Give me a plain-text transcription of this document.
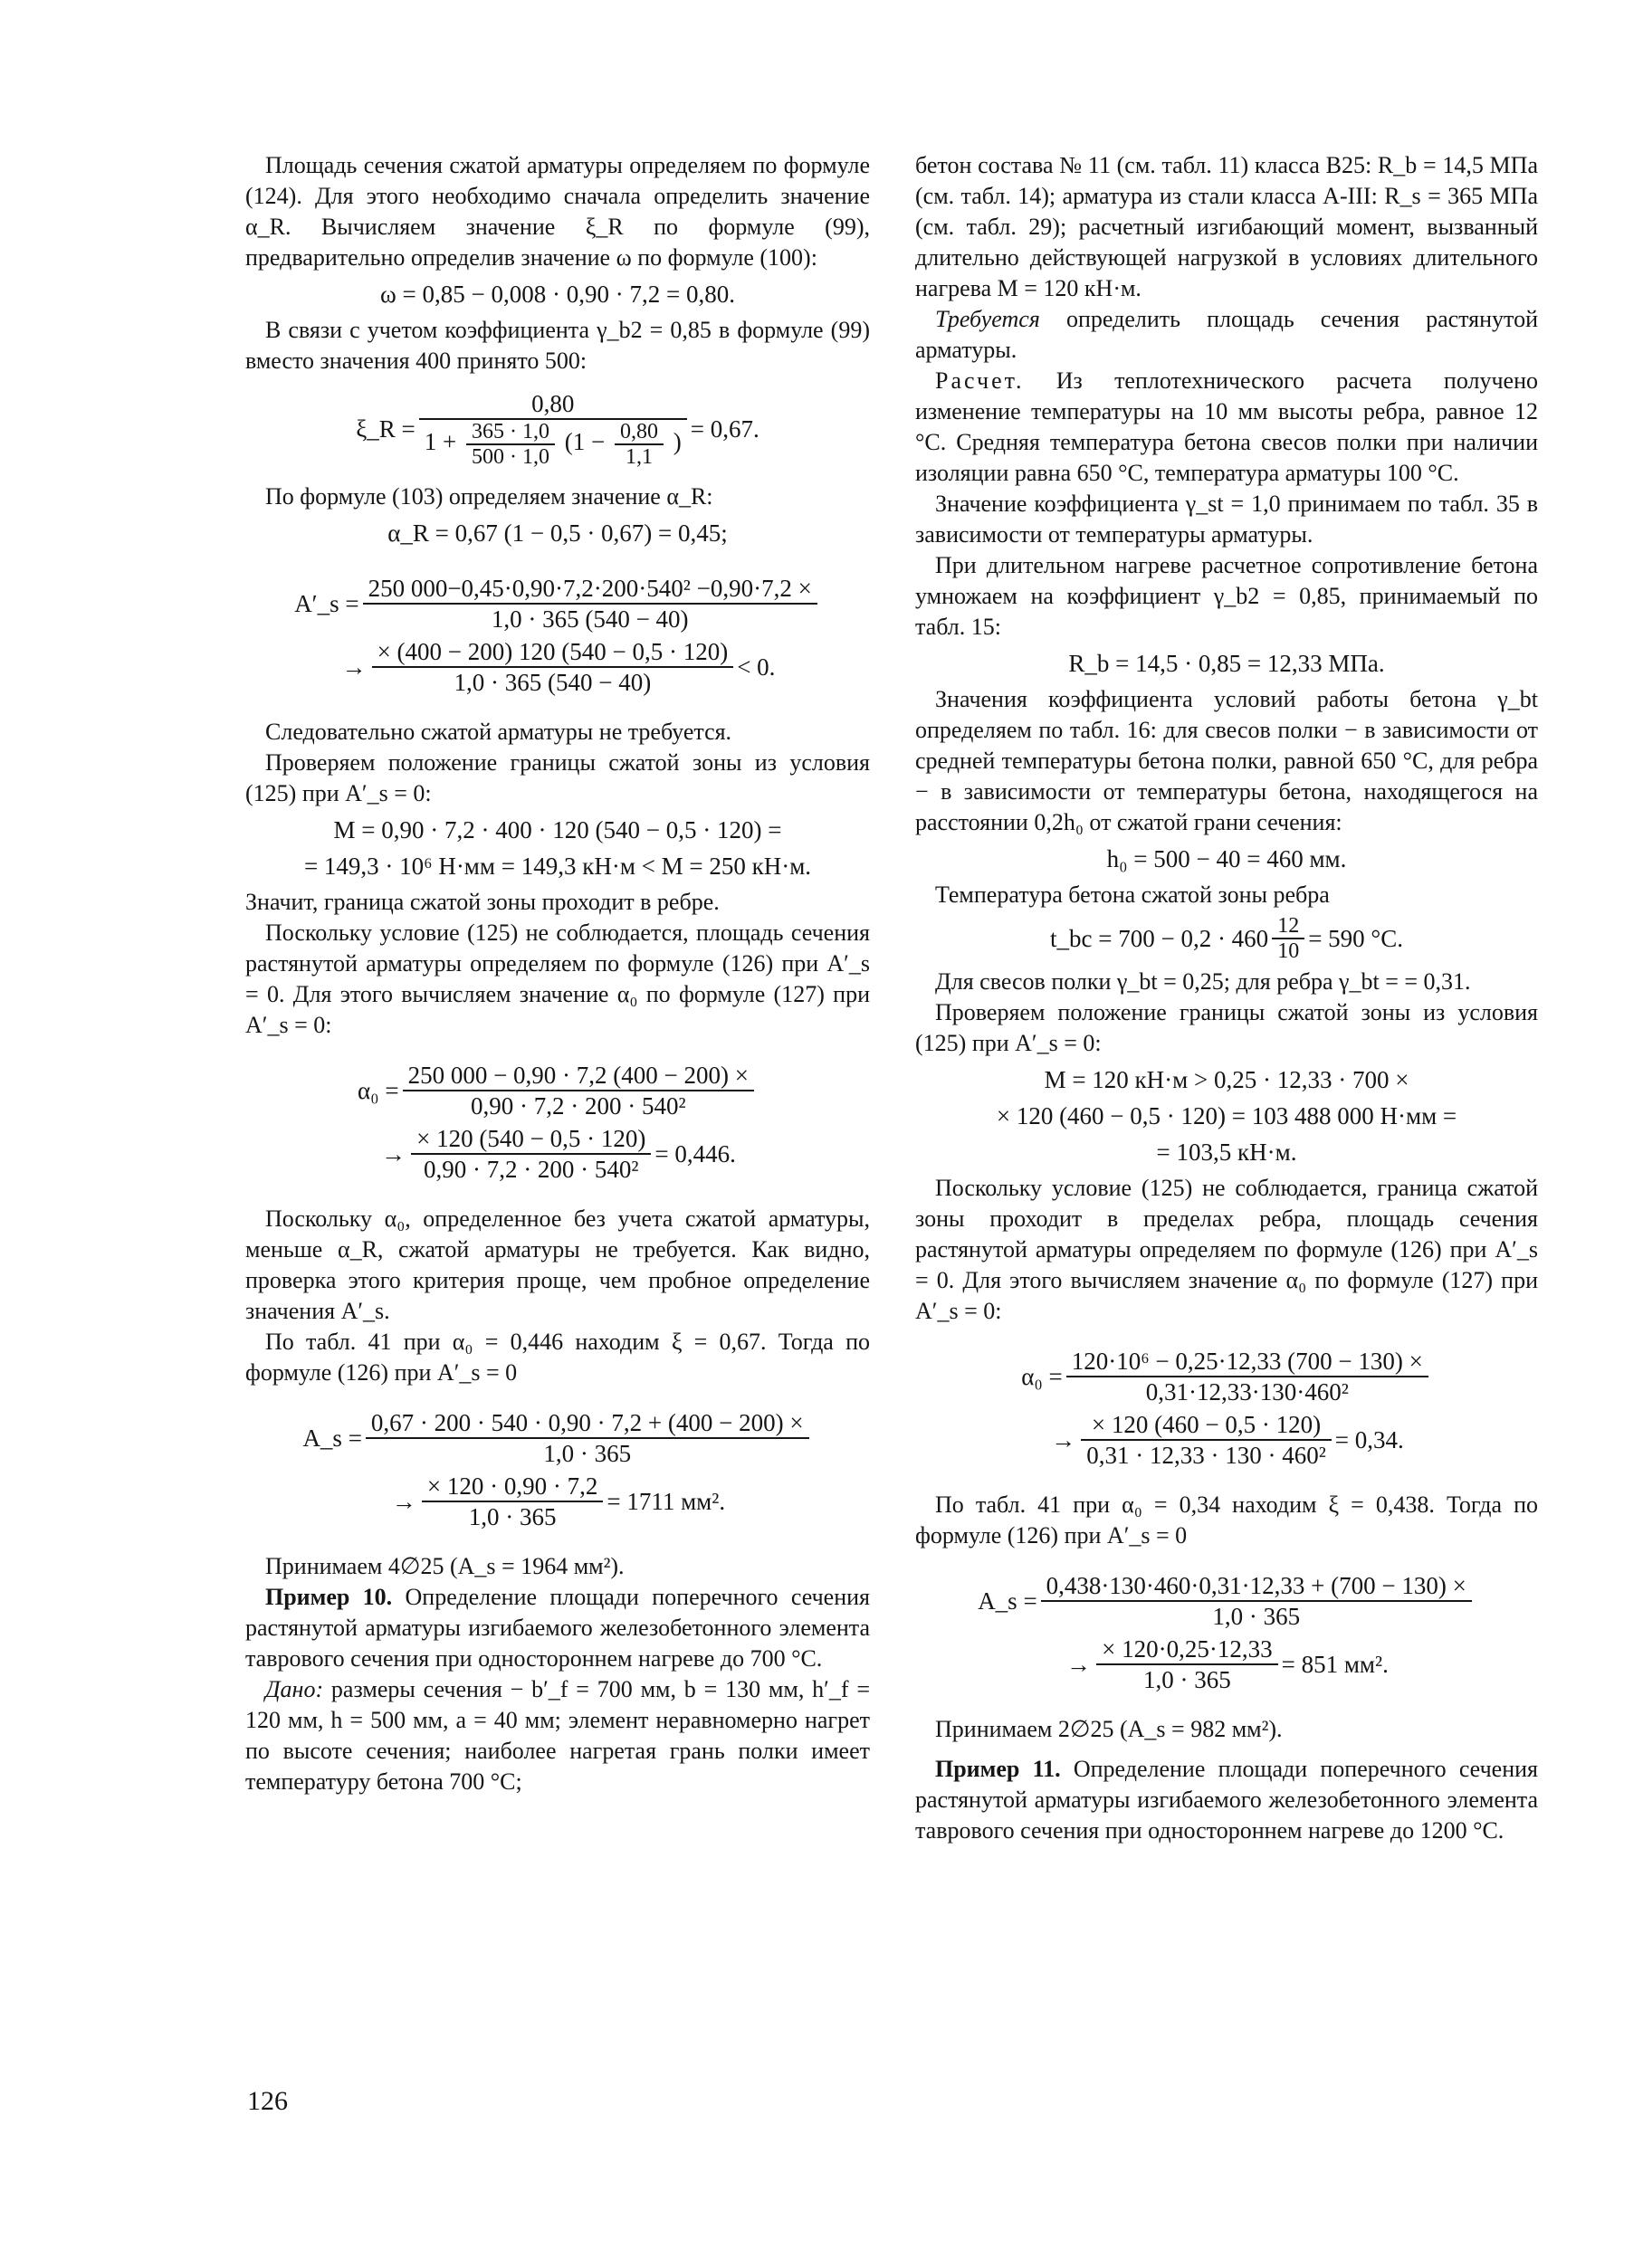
Площадь сечения сжатой арматуры определяем по формуле (124). Для этого необходимо сначала определить значение α_R. Вычисляем значение ξ_R по формуле (99), предварительно определив значение ω по формуле (100):

ω = 0,85 − 0,008 · 0,90 · 7,2 = 0,80.

В связи с учетом коэффициента γ_b2 = 0,85 в формуле (99) вместо значения 400 принято 500:

ξ_R =
0,80
$1 + \frac{365 \cdot 1,0}{500 \cdot 1,0} (1 - \frac{0,80}{1,1}$ ) = 0,67.

По формуле (103) определяем значение α_R:

α_R = 0,67 (1 − 0,5 · 0,67) = 0,45;

A′_s = $\frac{\text{250 000−0,45·0,90·7,2·200·540² −0,90·7,2 ×}}{1,0 \cdot 365 (540 - 40)}$
→ $\frac{\times (400 - 200) 120 (540 - 0,5 \cdot 120)}{1,0 \cdot 365 (540 - 40)} < 0$.

Следовательно сжатой арматуры не требуется.

Проверяем положение границы сжатой зоны из условия (125) при A′_s = 0:

M = 0,90 · 7,2 · 400 · 120 (540 − 0,5 · 120) =

= 149,3 · 10⁶ Н·мм = 149,3 кН·м < M = 250 кН·м.

Значит, граница сжатой зоны проходит в ребре.

Поскольку условие (125) не соблюдается, площадь сечения растянутой арматуры определяем по формуле (126) при A′_s = 0. Для этого вычисляем значение α₀ по формуле (127) при A′_s = 0:

$\alpha_0 = \frac{250 000 - 0,90 \cdot 7,2 (400 - 200) \times}{\text{0,90 · 7,2 · 200 · 540²}}$
→ $\frac{\times 120 (540 - 0,5 \cdot 120)}{\text{0,90 · 7,2 · 200 · 540²}} = 0,446$.

Поскольку α₀, определенное без учета сжатой арматуры, меньше α_R, сжатой арматуры не требуется. Как видно, проверка этого критерия проще, чем пробное определение значения A′_s.

По табл. 41 при α₀ = 0,446 находим ξ = 0,67. Тогда по формуле (126) при A′_s = 0

A_s = $\frac{0,67 \cdot 200 \cdot 540 \cdot 0,90 \cdot 7,2 + (400 - 200) \times}{1,0 \cdot 365}$
→ $\frac{\times 120 \cdot 0,90 \cdot 7,2}{1,0 \cdot 365} = 1711$ мм².

Принимаем 4∅25 (A_s = 1964 мм²).

Пример 10. Определение площади поперечного сечения растянутой арматуры изгибаемого железобетонного элемента таврового сечения при одностороннем нагреве до 700 °С.

Дано: размеры сечения − b′_f = 700 мм, b = 130 мм, h′_f = 120 мм, h = 500 мм, a = 40 мм; элемент неравномерно нагрет по высоте сечения; наиболее нагретая грань полки имеет температуру бетона 700 °С;

бетон состава № 11 (см. табл. 11) класса В25: R_b = 14,5 МПа (см. табл. 14); арматура из стали класса А-III: R_s = 365 МПа (см. табл. 29); расчетный изгибающий момент, вызванный длительно действующей нагрузкой в условиях длительного нагрева M = 120 кН·м.

Требуется определить площадь сечения растянутой арматуры.

Расчет. Из теплотехнического расчета получено изменение температуры на 10 мм высоты ребра, равное 12 °С. Средняя температура бетона свесов полки при наличии изоляции равна 650 °С, температура арматуры 100 °С.

Значение коэффициента γ_st = 1,0 принимаем по табл. 35 в зависимости от температуры арматуры.

При длительном нагреве расчетное сопротивление бетона умножаем на коэффициент γ_b2 = 0,85, принимаемый по табл. 15:

R_b = 14,5 · 0,85 = 12,33 МПа.

Значения коэффициента условий работы бетона γ_bt определяем по табл. 16: для свесов полки − в зависимости от средней температуры бетона полки, равной 650 °С, для ребра − в зависимости от температуры бетона, находящегося на расстоянии 0,2h₀ от сжатой грани сечения:

h₀ = 500 − 40 = 460 мм.

Температура бетона сжатой зоны ребра

t_bc = $700 - 0,2 \cdot 460 \frac{12}{10} = 590$ °С.

Для свесов полки γ_bt = 0,25; для ребра γ_bt = = 0,31.

Проверяем положение границы сжатой зоны из условия (125) при A′_s = 0:

M = 120 кН·м > 0,25 · 12,33 · 700 ×

× 120 (460 − 0,5 · 120) = 103 488 000 Н·мм =

= 103,5 кН·м.

Поскольку условие (125) не соблюдается, граница сжатой зоны проходит в пределах ребра, площадь сечения растянутой арматуры определяем по формуле (126) при A′_s = 0. Для этого вычисляем значение α₀ по формуле (127) при A′_s = 0:

$\alpha_0 = \frac{\text{120·10⁶ − 0,25·12,33 (700 − 130) ×}}{\text{0,31·12,33·130·460²}}$
→ $\frac{\times 120 (460 - 0,5 \cdot 120)}{\text{0,31 · 12,33 · 130 · 460²}} = 0,34$.

По табл. 41 при α₀ = 0,34 находим ξ = 0,438. Тогда по формуле (126) при A′_s = 0

A_s = $\frac{0,438\cdot 130\cdot 460\cdot 0,31\cdot 12,33 + (700 - 130) \times}{1,0 \cdot 365}$
→ $\frac{\times 120\cdot 0,25\cdot 12,33}{1,0 \cdot 365} = 851$ мм².

Принимаем 2∅25 (A_s = 982 мм²).

Пример 11. Определение площади поперечного сечения растянутой арматуры изгибаемого железобетонного элемента таврового сечения при одностороннем нагреве до 1200 °С.

126
